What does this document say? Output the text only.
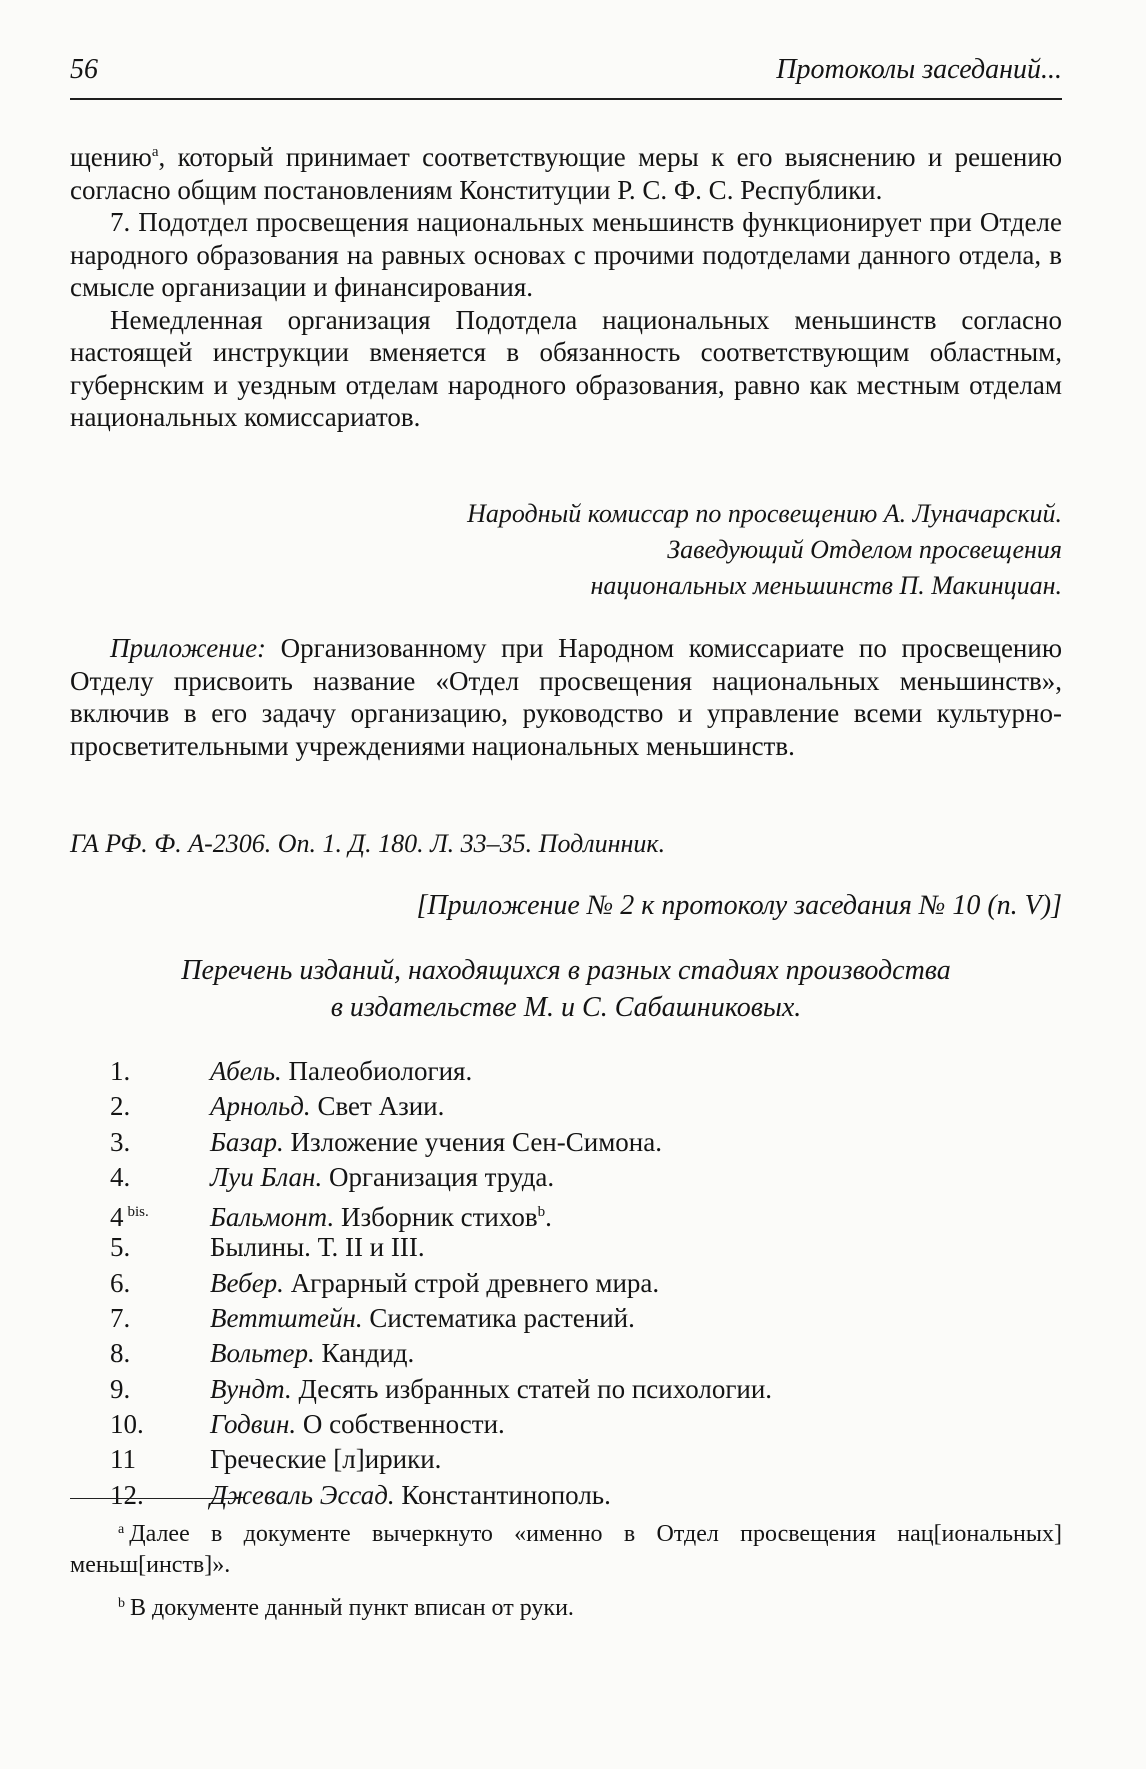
56	Протоколы заседаний...

щению$^a$, который принимает соответствующие меры к его выяснению и решению согласно общим постановлениям Конституции Р. С. Ф. С. Республики.

7. Подотдел просвещения национальных меньшинств функционирует при Отделе народного образования на равных основах с прочими подотделами данного отдела, в смысле организации и финансирования.

Немедленная организация Подотдела национальных меньшинств согласно настоящей инструкции вменяется в обязанность соответствующим областным, губернским и уездным отделам народного образования, равно как местным отделам национальных комиссариатов.

Народный комиссар по просвещению А. Луначарский.
Заведующий Отделом просвещения
национальных меньшинств П. Макинциан.
Приложение: Организованному при Народном комиссариате по просвещению Отделу присвоить название «Отдел просвещения национальных меньшинств», включив в его задачу организацию, руководство и управление всеми культурно-просветительными учреждениями национальных меньшинств.
ГА РФ. Ф. А-2306. Оп. 1. Д. 180. Л. 33–35. Подлинник.
[Приложение № 2 к протоколу заседания № 10 (п. V)]
Перечень изданий, находящихся в разных стадиях производства
в издательстве М. и С. Сабашниковых.
1.	Абель. Палеобиология.
2.	Арнольд. Свет Азии.
3.	Базар. Изложение учения Сен-Симона.
4.	Луи Блан. Организация труда.
4 $^{bis.}$ Бальмонт. Изборник стихов$^b$.
5.	Былины. Т. II и III.
6.	Вебер. Аграрный строй древнего мира.
7.	Веттштейн. Систематика растений.
8.	Вольтер. Кандид.
9.	Вундт. Десять избранных статей по психологии.
10. Годвин. О собственности.
11	Греческие [л]ирики.
12. Джеваль Эссад. Константинополь.

$^a$ Далее в документе вычеркнуто «именно в Отдел просвещения нац[иональных] меньш[инств]».

$^b$ В документе данный пункт вписан от руки.
